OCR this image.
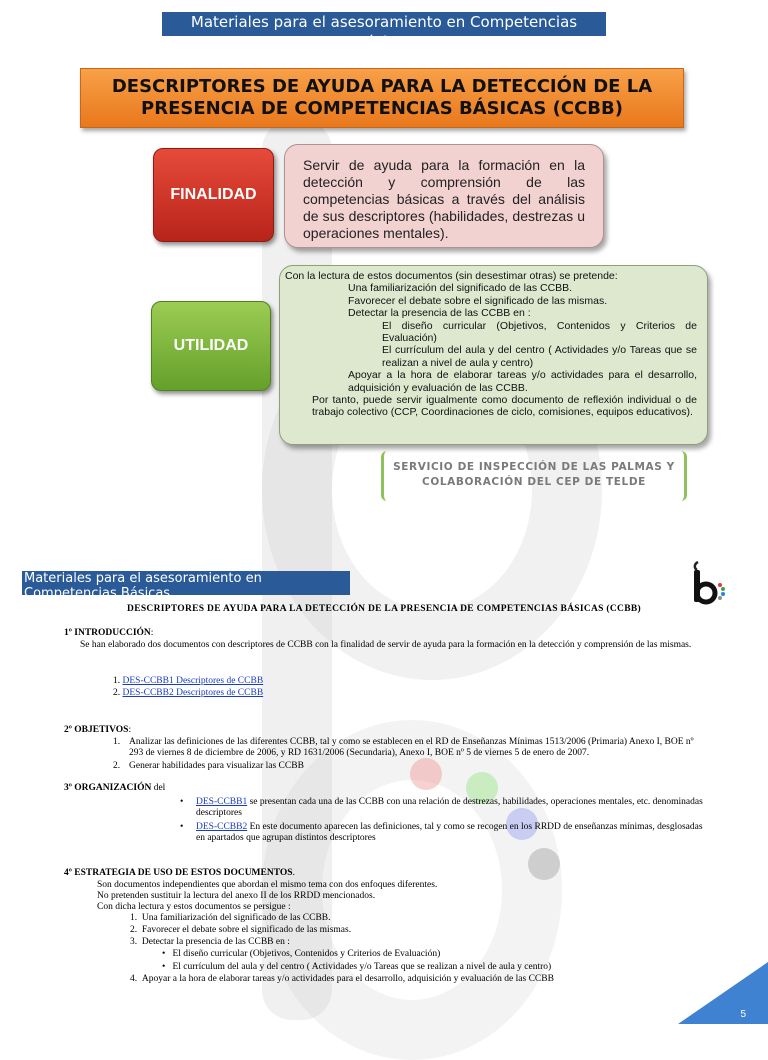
Materiales para el asesoramiento en Competencias Básicas
DESCRIPTORES DE AYUDA PARA LA DETECCIÓN DE LA
PRESENCIA DE COMPETENCIAS BÁSICAS (CCBB)
FINALIDAD
Servir de ayuda para la formación en la detección y comprensión de las competencias básicas a través del análisis de sus descriptores (habilidades, destrezas u operaciones mentales).
UTILIDAD

Con la lectura de estos documentos (sin desestimar otras) se pretende:

Una familiarización del significado de las CCBB.

Favorecer el debate sobre el significado de las mismas.

Detectar la presencia de las CCBB en :

El diseño curricular (Objetivos, Contenidos y Criterios de Evaluación)

El currículum del aula y del centro ( Actividades y/o Tareas que se realizan a nivel de aula y centro)

Apoyar a la hora de elaborar tareas y/o actividades para el desarrollo, adquisición y evaluación de las CCBB.

Por tanto, puede servir igualmente como documento de reflexión individual o de trabajo colectivo (CCP, Coordinaciones de ciclo, comisiones, equipos educativos).

SERVICIO DE INSPECCIÓN DE LAS PALMAS Y
COLABORACIÓN DEL CEP DE TELDE
Materiales para el asesoramiento en Competencias Básicas
DESCRIPTORES DE AYUDA PARA LA DETECCIÓN DE LA PRESENCIA DE COMPETENCIAS BÁSICAS (CCBB)
1º INTRODUCCIÓN:
Se han elaborado dos documentos con descriptores de CCBB con la finalidad de servir de ayuda para la formación en la detección y comprensión de las mismas.
1. DES-CCBB1 Descriptores de CCBB
2. DES-CCBB2 Descriptores de CCBB
2º OBJETIVOS:
1. Analizar las definiciones de las diferentes CCBB, tal y como se establecen en el RD de Enseñanzas Mínimas 1513/2006 (Primaria) Anexo I, BOE nº 293 de viernes 8 de diciembre de 2006, y RD 1631/2006 (Secundaria), Anexo I, BOE nº 5 de viernes 5 de enero de 2007.
2. Generar habilidades para visualizar las CCBB
3º ORGANIZACIÓN del
• DES-CCBB1 se presentan cada una de las CCBB con una relación de destrezas, habilidades, operaciones mentales, etc. denominadas descriptores
• DES-CCBB2 En este documento aparecen las definiciones, tal y como se recogen en los RRDD de enseñanzas mínimas, desglosadas en apartados que agrupan distintos descriptores
4º ESTRATEGIA DE USO DE ESTOS DOCUMENTOS.
Son documentos independientes que abordan el mismo tema con dos enfoques diferentes.
No pretenden sustituir la lectura del anexo II de los RRDD mencionados.
Con dicha lectura y estos documentos se persigue :
1. Una familiarización del significado de las CCBB.
2. Favorecer el debate sobre el significado de las mismas.
3. Detectar la presencia de las CCBB en :
• El diseño curricular (Objetivos, Contenidos y Criterios de Evaluación)
• El currículum del aula y del centro ( Actividades y/o Tareas que se realizan a nivel de aula y centro)
4. Apoyar a la hora de elaborar tareas y/o actividades para el desarrollo, adquisición y evaluación de las CCBB
5
